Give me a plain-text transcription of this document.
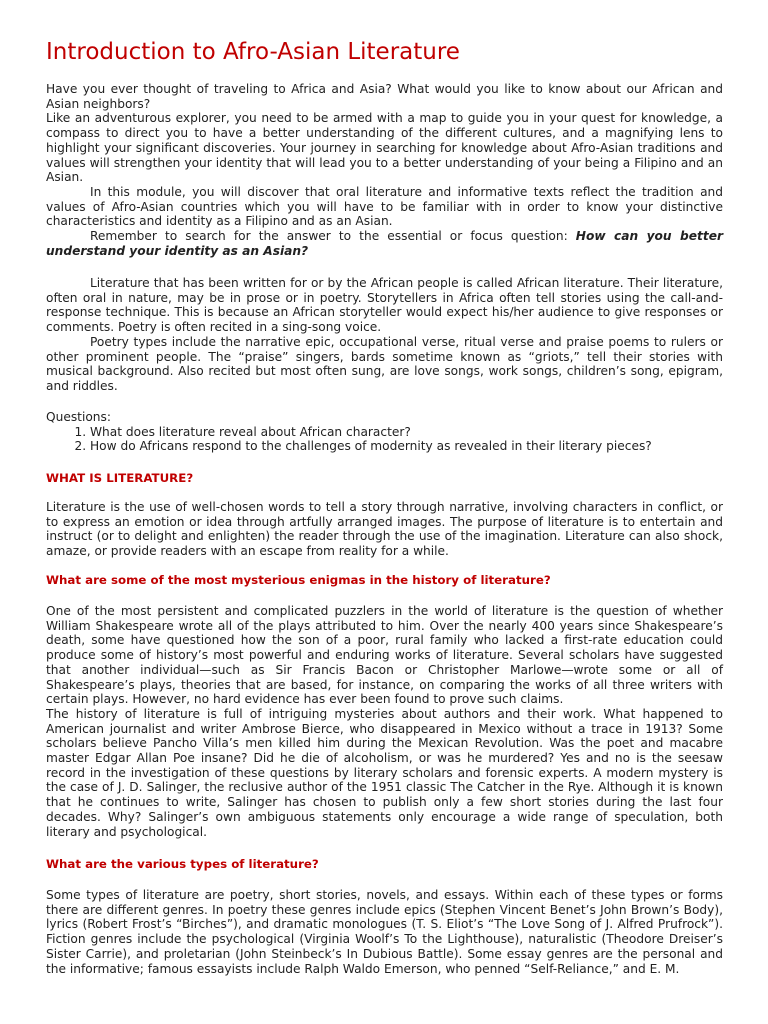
Introduction to Afro-Asian Literature

Have you ever thought of traveling to Africa and Asia? What would you like to know about our African and Asian neighbors?

Like an adventurous explorer, you need to be armed with a map to guide you in your quest for knowledge, a compass to direct you to have a better understanding of the different cultures, and a magnifying lens to highlight your significant discoveries. Your journey in searching for knowledge about Afro-Asian traditions and values will strengthen your identity that will lead you to a better understanding of your being a Filipino and an Asian.

In this module, you will discover that oral literature and informative texts reflect the tradition and values of Afro-Asian countries which you will have to be familiar with in order to know your distinctive characteristics and identity as a Filipino and as an Asian.

Remember to search for the answer to the essential or focus question: How can you better understand your identity as an Asian?

Literature that has been written for or by the African people is called African literature. Their literature, often oral in nature, may be in prose or in poetry. Storytellers in Africa often tell stories using the call-and-response technique. This is because an African storyteller would expect his/her audience to give responses or comments. Poetry is often recited in a sing-song voice.

Poetry types include the narrative epic, occupational verse, ritual verse and praise poems to rulers or other prominent people. The “praise” singers, bards sometime known as “griots,” tell their stories with musical background. Also recited but most often sung, are love songs, work songs, children’s song, epigram, and riddles.

Questions:

1. What does literature reveal about African character?
2. How do Africans respond to the challenges of modernity as revealed in their literary pieces?
WHAT IS LITERATURE?

Literature is the use of well-chosen words to tell a story through narrative, involving characters in conflict, or to express an emotion or idea through artfully arranged images. The purpose of literature is to entertain and instruct (or to delight and enlighten) the reader through the use of the imagination. Literature can also shock, amaze, or provide readers with an escape from reality for a while.

What are some of the most mysterious enigmas in the history of literature?

One of the most persistent and complicated puzzlers in the world of literature is the question of whether William Shakespeare wrote all of the plays attributed to him. Over the nearly 400 years since Shakespeare’s death, some have questioned how the son of a poor, rural family who lacked a first-rate education could produce some of history’s most powerful and enduring works of literature. Several scholars have suggested that another individual—such as Sir Francis Bacon or Christopher Marlowe—wrote some or all of Shakespeare’s plays, theories that are based, for instance, on comparing the works of all three writers with certain plays. However, no hard evidence has ever been found to prove such claims.

The history of literature is full of intriguing mysteries about authors and their work. What happened to American journalist and writer Ambrose Bierce, who disappeared in Mexico without a trace in 1913? Some scholars believe Pancho Villa’s men killed him during the Mexican Revolution. Was the poet and macabre master Edgar Allan Poe insane? Did he die of alcoholism, or was he murdered? Yes and no is the seesaw record in the investigation of these questions by literary scholars and forensic experts. A modern mystery is the case of J. D. Salinger, the reclusive author of the 1951 classic The Catcher in the Rye. Although it is known that he continues to write, Salinger has chosen to publish only a few short stories during the last four decades. Why? Salinger’s own ambiguous statements only encourage a wide range of speculation, both literary and psychological.

What are the various types of literature?

Some types of literature are poetry, short stories, novels, and essays. Within each of these types or forms there are different genres. In poetry these genres include epics (Stephen Vincent Benet’s John Brown’s Body), lyrics (Robert Frost’s “Birches”), and dramatic monologues (T. S. Eliot’s “The Love Song of J. Alfred Prufrock”). Fiction genres include the psychological (Virginia Woolf’s To the Lighthouse), naturalistic (Theodore Dreiser’s Sister Carrie), and proletarian (John Steinbeck’s In Dubious Battle). Some essay genres are the personal and the informative; famous essayists include Ralph Waldo Emerson, who penned “Self-Reliance,” and E. M.
